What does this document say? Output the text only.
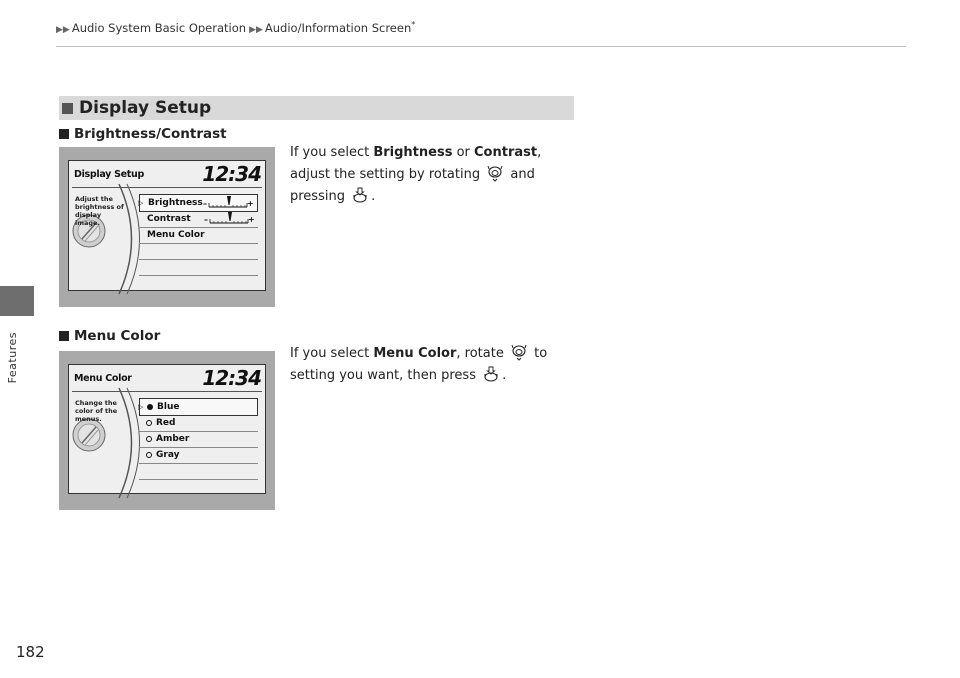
▶▶ Audio System Basic Operation ▶▶ Audio/Information Screen*
Features
Display Setup
Brightness/Contrast
Display Setup	12:34
Adjust the
brightness of
display
image.
▷ Brightness –	+
Contrast –	+
Menu Color
If you select Brightness or Contrast, adjust the setting by rotating  and pressing .
Menu Color
Menu Color	12:34
Change the
color of the
menus.
▷ Blue
Red
Amber
Gray
If you select Menu Color, rotate  to setting you want, then press .
182
